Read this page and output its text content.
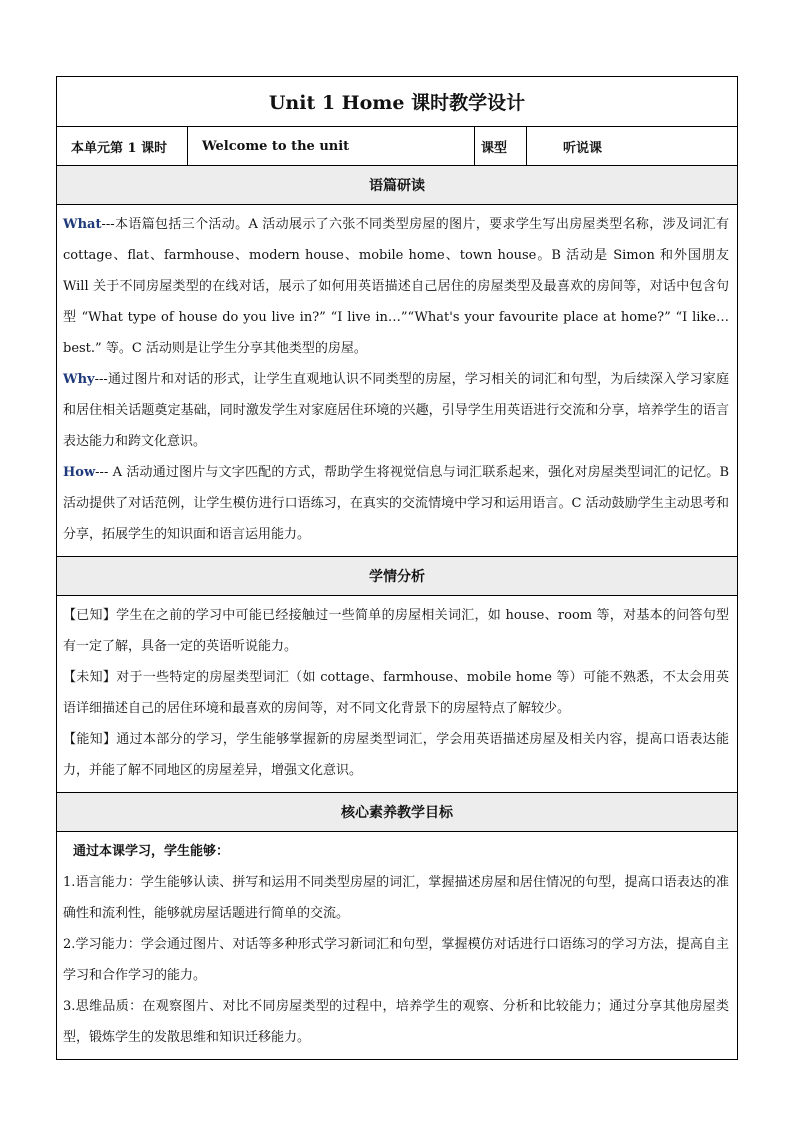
Unit 1 Home 课时教学设计
本单元第 1 课时	Welcome to the unit	课型	听说课
语篇研读

What---本语篇包括三个活动。A 活动展示了六张不同类型房屋的图片，要求学生写出房屋类型名称，涉及词汇有 cottage、flat、farmhouse、modern house、mobile home、town house。B 活动是 Simon 和外国朋友 Will 关于不同房屋类型的在线对话，展示了如何用英语描述自己居住的房屋类型及最喜欢的房间等，对话中包含句型 “What type of house do you live in?” “I live in…”“What's your favourite place at home?” “I like… best.” 等。C 活动则是让学生分享其他类型的房屋。

Why---通过图片和对话的形式，让学生直观地认识不同类型的房屋，学习相关的词汇和句型，为后续深入学习家庭和居住相关话题奠定基础，同时激发学生对家庭居住环境的兴趣，引导学生用英语进行交流和分享，培养学生的语言表达能力和跨文化意识。

How--- A 活动通过图片与文字匹配的方式，帮助学生将视觉信息与词汇联系起来，强化对房屋类型词汇的记忆。B 活动提供了对话范例，让学生模仿进行口语练习，在真实的交流情境中学习和运用语言。C 活动鼓励学生主动思考和分享，拓展学生的知识面和语言运用能力。

学情分析

【已知】学生在之前的学习中可能已经接触过一些简单的房屋相关词汇，如 house、room 等，对基本的问答句型有一定了解，具备一定的英语听说能力。

【未知】对于一些特定的房屋类型词汇（如 cottage、farmhouse、mobile home 等）可能不熟悉，不太会用英语详细描述自己的居住环境和最喜欢的房间等，对不同文化背景下的房屋特点了解较少。

【能知】通过本部分的学习，学生能够掌握新的房屋类型词汇，学会用英语描述房屋及相关内容，提高口语表达能力，并能了解不同地区的房屋差异，增强文化意识。

核心素养教学目标

通过本课学习，学生能够：

1.语言能力：学生能够认读、拼写和运用不同类型房屋的词汇，掌握描述房屋和居住情况的句型，提高口语表达的准确性和流利性，能够就房屋话题进行简单的交流。

2.学习能力：学会通过图片、对话等多种形式学习新词汇和句型，掌握模仿对话进行口语练习的学习方法，提高自主学习和合作学习的能力。

3.思维品质：在观察图片、对比不同房屋类型的过程中，培养学生的观察、分析和比较能力；通过分享其他房屋类型，锻炼学生的发散思维和知识迁移能力。
